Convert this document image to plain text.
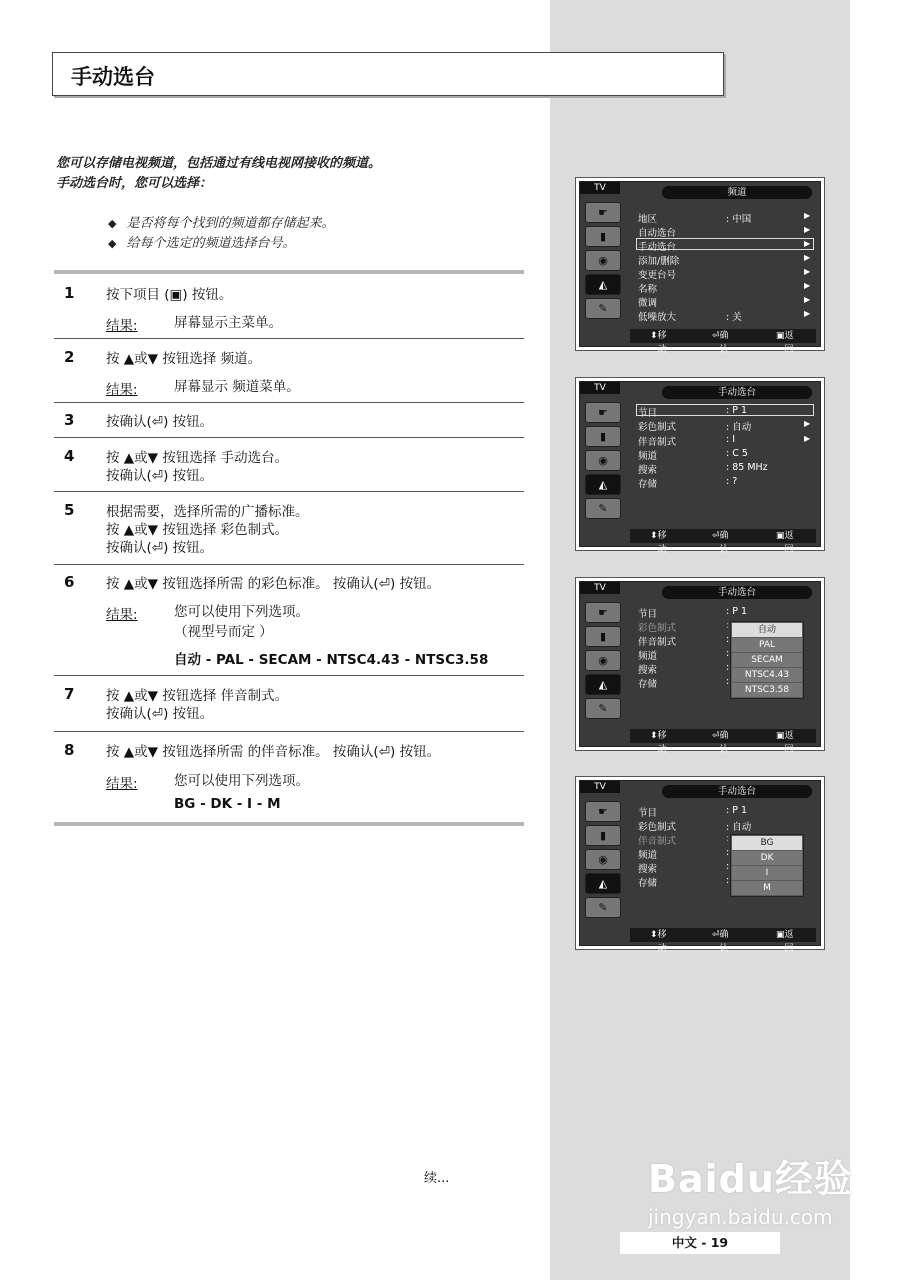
手动选台
您可以存储电视频道，包括通过有线电视网接收的频道。
手动选台时，您可以选择：
◆ 是否将每个找到的频道都存储起来。
◆ 给每个选定的频道选择台号。
1 按下项目 (▣) 按钮。
结果:	屏幕显示主菜单。
2 按 ▲或▼ 按钮选择 频道。
结果:	屏幕显示 频道菜单。
3 按确认(⏎) 按钮。
4 按 ▲或▼ 按钮选择 手动选台。
按确认(⏎) 按钮。
5 根据需要，选择所需的广播标准。
按 ▲或▼ 按钮选择 彩色制式。
按确认(⏎) 按钮。
6 按 ▲或▼ 按钮选择所需 的彩色标准。 按确认(⏎) 按钮。
结果:	您可以使用下列选项。
（视型号而定 ）
自动 - PAL - SECAM - NTSC4.43 - NTSC3.58
7 按 ▲或▼ 按钮选择 伴音制式。
按确认(⏎) 按钮。
8 按 ▲或▼ 按钮选择所需 的伴音标准。 按确认(⏎) 按钮。
结果:	您可以使用下列选项。
BG - DK - I - M
TV	频道
☛
▮
◉
◭
✎
地区	: 中国	▶
自动选台	▶
手动选台	▶
添加/删除	▶
变更台号	▶
名称	▶
微调	▶
低噪放大	: 关	▶
⬍ 移动
⏎ 确认
▣ 返回
TV	手动选台
☛
▮
◉
◭
✎
节目	: P 1
彩色制式	: 自动	▶
伴音制式	: I	▶
频道	: C 5
搜索	: 85 MHz
存储	: ?
⬍ 移动
⏎ 确认
▣ 返回
TV	手动选台
☛
▮
◉
◭
✎
节目	: P 1
彩色制式	:
伴音制式	:
频道	:
搜索	:
存储	:
自动
PAL
SECAM
NTSC4.43
NTSC3.58
⬍ 移动
⏎ 确认
▣ 返回
TV	手动选台
☛
▮
◉
◭
✎
节目	: P 1
彩色制式	: 自动
伴音制式	:
频道	:
搜索	:
存储	:
BG
DK
I
M
⬍ 移动
⏎ 确认
▣ 返回
续...	Baidu经验
jingyan.baidu.com
中文 - 19
